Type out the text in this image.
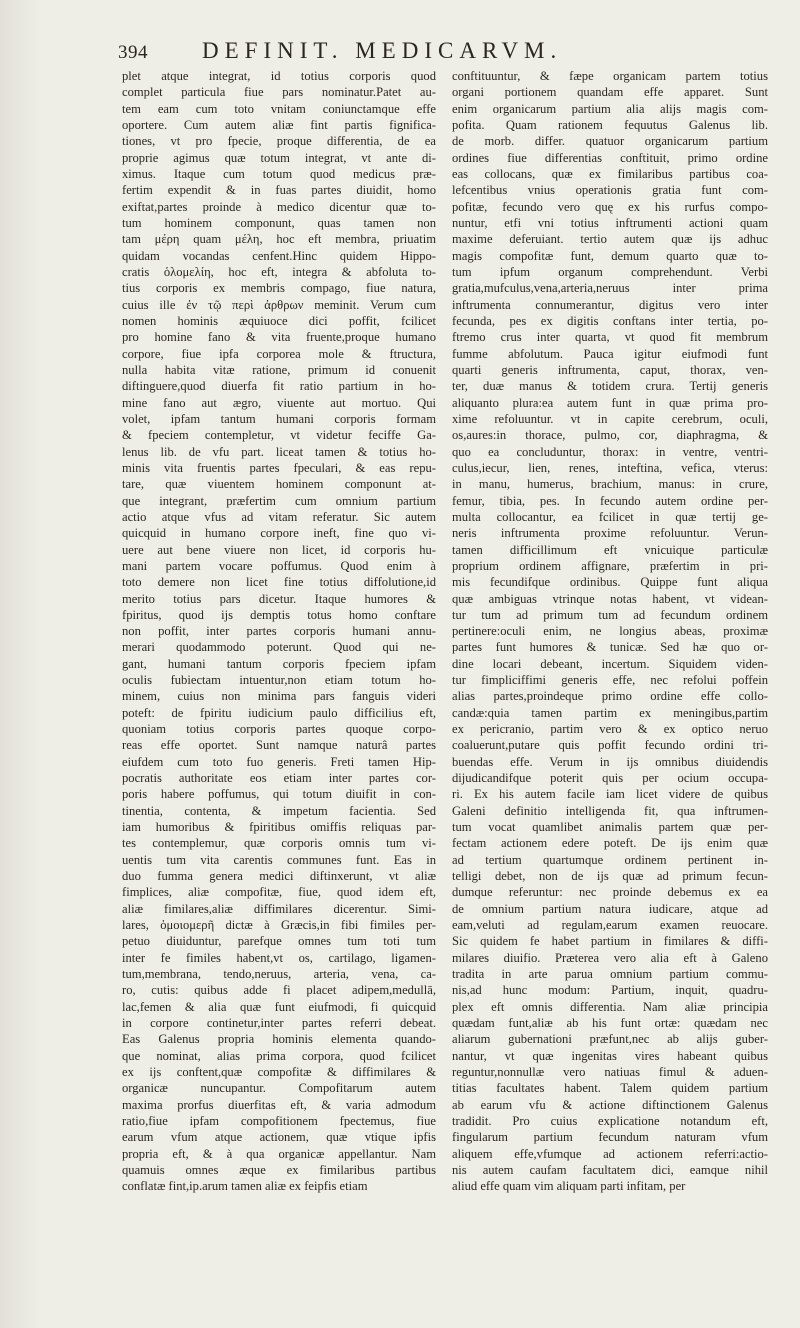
394 DEFINIT. MEDICARVM.
plet atque integrat, id totius corporis quod
complet particula fiue pars nominatur.Patet au-
tem eam cum toto vnitam coniunctamque effe
oportere. Cum autem aliæ fint partis fignifica-
tiones, vt pro fpecie, proque differentia, de ea
proprie agimus quæ totum integrat, vt ante di-
ximus. Itaque cum totum quod medicus præ-
fertim expendit & in fuas partes diuidit, homo
exiftat,partes proinde à medico dicentur quæ to-
tum hominem componunt, quas tamen non
tam μέρη quam μέλη, hoc eft membra, priuatim
quidam vocandas cenfent.Hinc quidem Hippo-
cratis ὁλομελίη, hoc eft, integra & abfoluta to-
tius corporis ex membris compago, fiue natura,
cuius ille ἐν τῷ περὶ ἀρθρων meminit. Verum cum
nomen hominis æquiuoce dici poffit, fcilicet
pro homine fano & vita fruente,proque humano
corpore, fiue ipfa corporea mole & ftructura,
nulla habita vitæ ratione, primum id conuenit
diftinguere,quod diuerfa fit ratio partium in ho-
mine fano aut ægro, viuente aut mortuo. Qui
volet, ipfam tantum humani corporis formam
& fpeciem contempletur, vt videtur feciffe Ga-
lenus lib. de vfu part. liceat tamen & totius ho-
minis vita fruentis partes fpeculari, & eas repu-
tare, quæ viuentem hominem componunt at-
que integrant, præfertim cum omnium partium
actio atque vfus ad vitam referatur. Sic autem
quicquid in humano corpore ineft, fine quo vi-
uere aut bene viuere non licet, id corporis hu-
mani partem vocare poffumus. Quod enim à
toto demere non licet fine totius diffolutione,id
merito totius pars dicetur. Itaque humores &
fpiritus, quod ijs demptis totus homo conftare
non poffit, inter partes corporis humani annu-
merari quodammodo poterunt. Quod qui ne-
gant, humani tantum corporis fpeciem ipfam
oculis fubiectam intuentur,non etiam totum ho-
minem, cuius non minima pars fanguis videri
poteft: de fpiritu iudicium paulo difficilius eft,
quoniam totius corporis partes quoque corpo-
reas effe oportet. Sunt namque naturâ partes
eiufdem cum toto fuo generis. Freti tamen Hip-
pocratis authoritate eos etiam inter partes cor-
poris habere poffumus, qui totum diuifit in con-
tinentia, contenta, & impetum facientia. Sed
iam humoribus & fpiritibus omiffis reliquas par-
tes contemplemur, quæ corporis omnis tum vi-
uentis tum vita carentis communes funt. Eas in
duo fumma genera medici diftinxerunt, vt aliæ
fimplices, aliæ compofitæ, fiue, quod idem eft,
aliæ fimilares,aliæ diffimilares dicerentur. Simi-
lares, ὁμοιομερῆ dictæ à Græcis,in fibi fimiles per-
petuo diuiduntur, parefque omnes tum toti tum
inter fe fimiles habent,vt os, cartilago, ligamen-
tum,membrana, tendo,neruus, arteria, vena, ca-
ro, cutis: quibus adde fi placet adipem,medullā,
lac,femen & alia quæ funt eiufmodi, fi quicquid
in corpore continetur,inter partes referri debeat.
Eas Galenus propria hominis elementa quando-
que nominat, alias prima corpora, quod fcilicet
ex ijs conftent,quæ compofitæ & diffimilares &
organicæ nuncupantur. Compofitarum autem
maxima prorfus diuerfitas eft, & varia admodum
ratio,fiue ipfam compofitionem fpectemus, fiue
earum vfum atque actionem, quæ vtique ipfis
propria eft, & à qua organicæ appellantur. Nam
quamuis omnes æque ex fimilaribus partibus
conflatæ fint,ip.arum tamen aliæ ex feipfis etiam
conftituuntur, & fæpe organicam partem totius
organi portionem quandam effe apparet. Sunt
enim organicarum partium alia alijs magis com-
pofita. Quam rationem fequutus Galenus lib.
de morb. differ. quatuor organicarum partium
ordines fiue differentias conftituit, primo ordine
eas collocans, quæ ex fimilaribus partibus coa-
lefcentibus vnius operationis gratia funt com-
pofitæ, fecundo vero quę ex his rurfus compo-
nuntur, etfi vni totius inftrumenti actioni quam
maxime deferuiant. tertio autem quæ ijs adhuc
magis compofitæ funt, demum quarto quæ to-
tum ipfum organum comprehendunt. Verbi
gratia,mufculus,vena,arteria,neruus inter prima
inftrumenta connumerantur, digitus vero inter
fecunda, pes ex digitis conftans inter tertia, po-
ftremo crus inter quarta, vt quod fit membrum
fumme abfolutum. Pauca igitur eiufmodi funt
quarti generis inftrumenta, caput, thorax, ven-
ter, duæ manus & totidem crura. Tertij generis
aliquanto plura:ea autem funt in quæ prima pro-
xime refoluuntur. vt in capite cerebrum, oculi,
os,aures:in thorace, pulmo, cor, diaphragma, &
quo ea concluduntur, thorax: in ventre, ventri-
culus,iecur, lien, renes, inteftina, vefica, vterus:
in manu, humerus, brachium, manus: in crure,
femur, tibia, pes. In fecundo autem ordine per-
multa collocantur, ea fcilicet in quæ tertij ge-
neris inftrumenta proxime refoluuntur. Verun-
tamen difficillimum eft vnicuique particulæ
proprium ordinem affignare, præfertim in pri-
mis fecundifque ordinibus. Quippe funt aliqua
quæ ambiguas vtrinque notas habent, vt videan-
tur tum ad primum tum ad fecundum ordinem
pertinere:oculi enim, ne longius abeas, proximæ
partes funt humores & tunicæ. Sed hæ quo or-
dine locari debeant, incertum. Siquidem viden-
tur fimpliciffimi generis effe, nec refolui poffein
alias partes,proindeque primo ordine effe collo-
candæ:quia tamen partim ex meningibus,partim
ex pericranio, partim vero & ex optico neruo
coaluerunt,putare quis poffit fecundo ordini tri-
buendas effe. Verum in ijs omnibus diuidendis
dijudicandifque poterit quis per ocium occupa-
ri. Ex his autem facile iam licet videre de quibus
Galeni definitio intelligenda fit, qua inftrumen-
tum vocat quamlibet animalis partem quæ per-
fectam actionem edere poteft. De ijs enim quæ
ad tertium quartumque ordinem pertinent in-
telligi debet, non de ijs quæ ad primum fecun-
dumque referuntur: nec proinde debemus ex ea
de omnium partium natura iudicare, atque ad
eam,veluti ad regulam,earum examen reuocare.
Sic quidem fe habet partium in fimilares & diffi-
milares diuifio. Præterea vero alia eft à Galeno
tradita in arte parua omnium partium commu-
nis,ad hunc modum: Partium, inquit, quadru-
plex eft omnis differentia. Nam aliæ principia
quædam funt,aliæ ab his funt ortæ: quædam nec
aliarum gubernationi præfunt,nec ab alijs guber-
nantur, vt quæ ingenitas vires habeant quibus
reguntur,nonnullæ vero natiuas fimul & aduen-
titias facultates habent. Talem quidem partium
ab earum vfu & actione diftinctionem Galenus
tradidit. Pro cuius explicatione notandum eft,
fingularum partium fecundum naturam vfum
aliquem effe,vfumque ad actionem referri:actio-
nis autem caufam facultatem dici, eamque nihil
aliud effe quam vim aliquam parti infitam, per
